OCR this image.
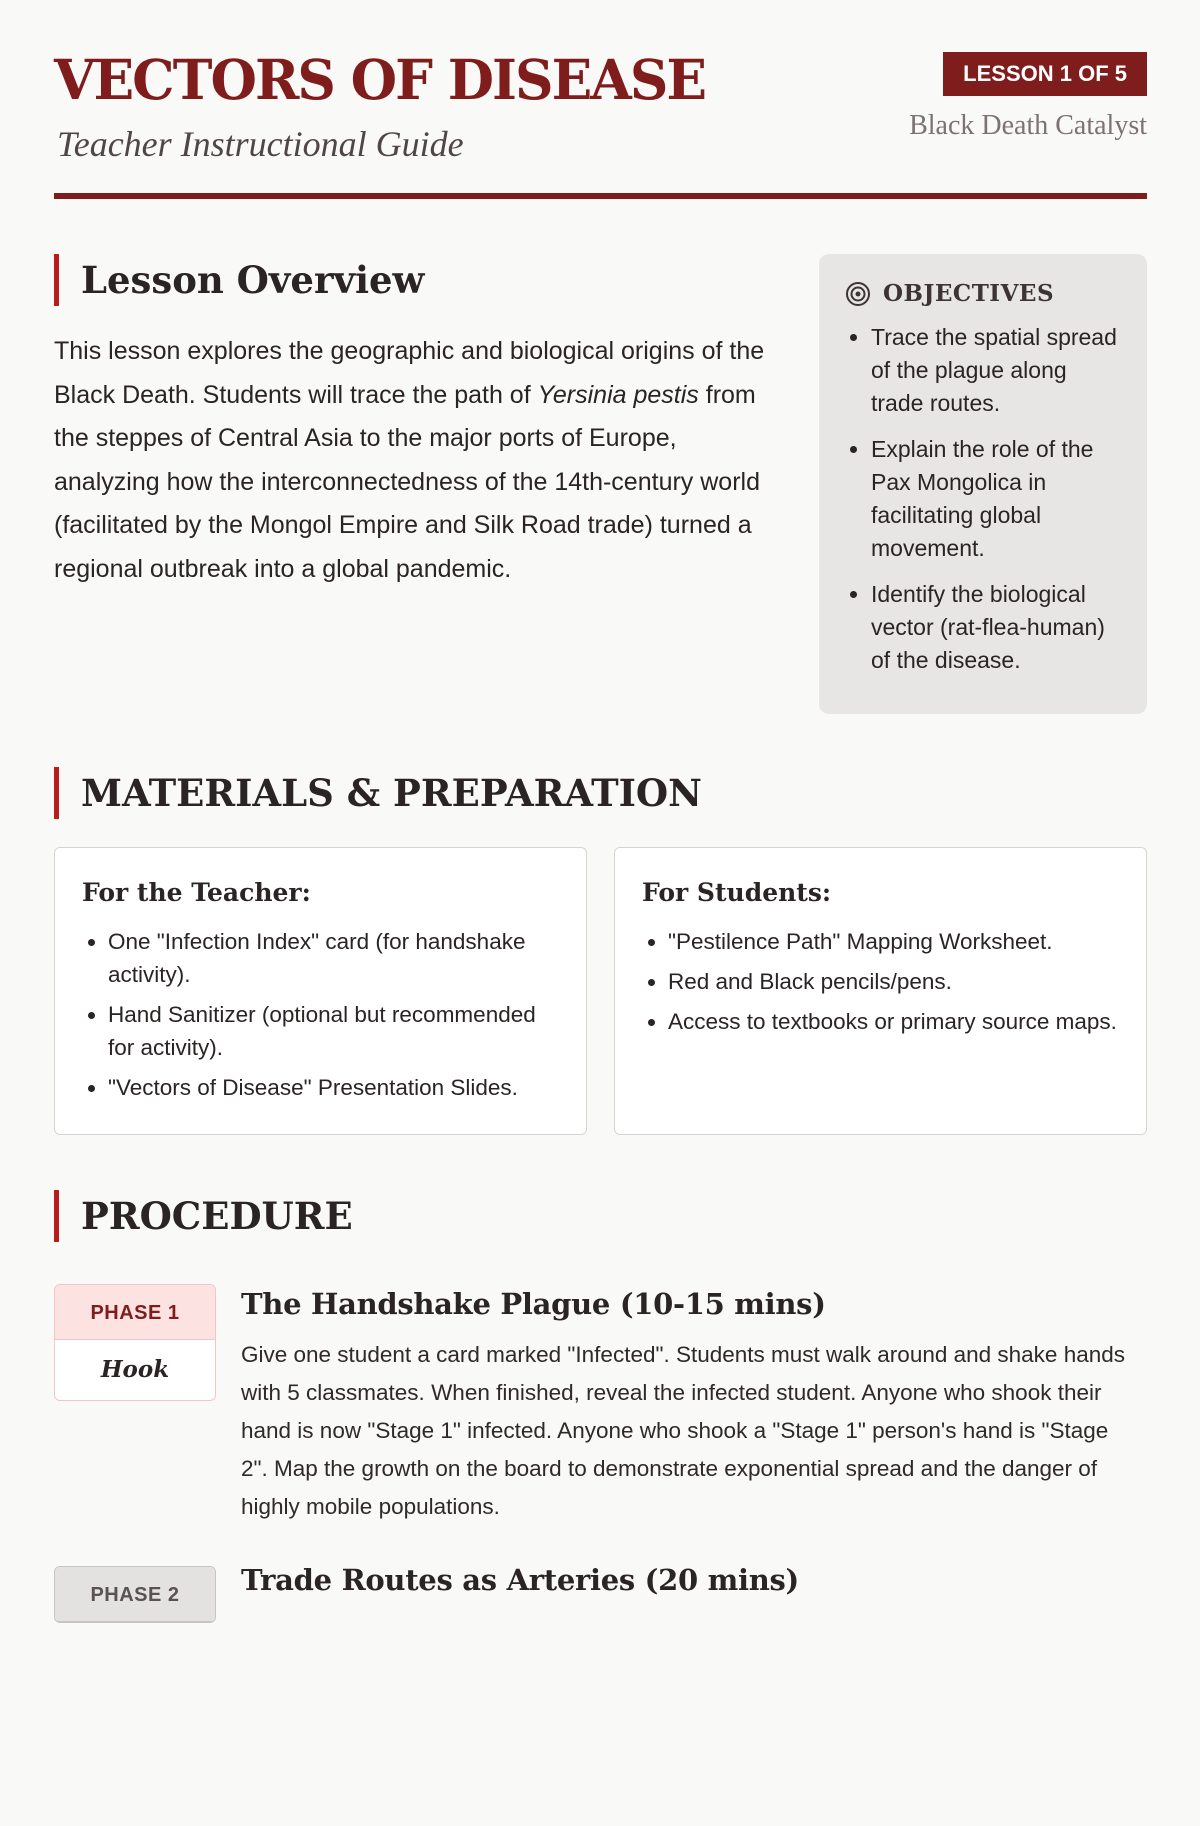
VECTORS OF DISEASE
Teacher Instructional Guide
LESSON 1 OF 5
Black Death Catalyst
Lesson Overview

This lesson explores the geographic and biological origins of the Black Death. Students will trace the path of Yersinia pestis from the steppes of Central Asia to the major ports of Europe, analyzing how the interconnectedness of the 14th-century world (facilitated by the Mongol Empire and Silk Road trade) turned a regional outbreak into a global pandemic.

OBJECTIVES
• Trace the spatial spread of the plague along trade routes.
• Explain the role of the Pax Mongolica in facilitating global movement.
• Identify the biological vector (rat-flea-human) of the disease.
MATERIALS & PREPARATION
For the Teacher:
• One "Infection Index" card (for handshake activity).
• Hand Sanitizer (optional but recommended for activity).
• "Vectors of Disease" Presentation Slides.
For Students:
• "Pestilence Path" Mapping Worksheet.
• Red and Black pencils/pens.
• Access to textbooks or primary source maps.
PROCEDURE
PHASE 1
Hook
The Handshake Plague (10-15 mins)

Give one student a card marked "Infected". Students must walk around and shake hands with 5 classmates. When finished, reveal the infected student. Anyone who shook their hand is now "Stage 1" infected. Anyone who shook a "Stage 1" person's hand is "Stage 2". Map the growth on the board to demonstrate exponential spread and the danger of highly mobile populations.

PHASE 2	Trade Routes as Arteries (20 mins)
